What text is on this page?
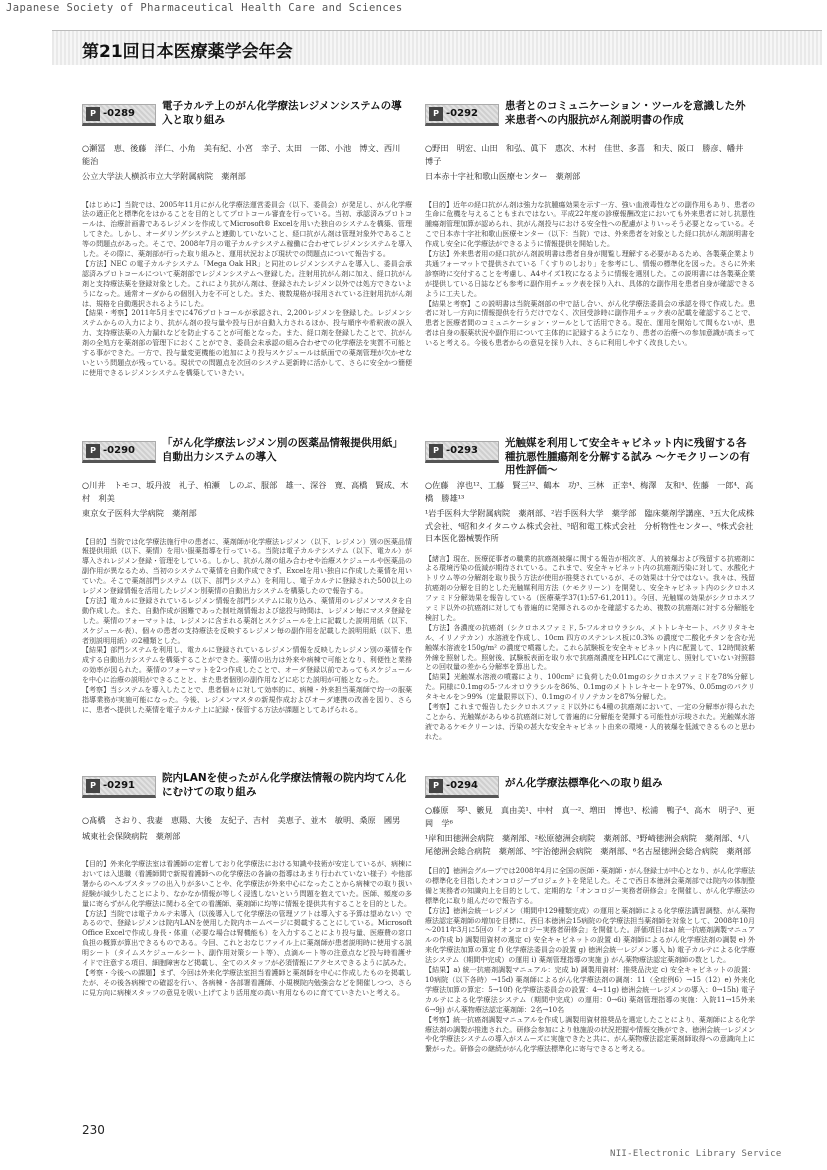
Japanese Society of Pharmaceutical Health Care and Sciences
第21回日本医療薬学会年会
P -0289
電子カルテ上のがん化学療法レジメンシステムの導入と取り組み
○瀬冨　恵、後藤　洋仁、小角　美有紀、小宮　幸子、太田　一郎、小池　博文、西川　能治
公立大学法人横浜市立大学附属病院　薬剤部

【はじめに】当院では、2005年11月にがん化学療法運営委員会（以下、委員会）が発足し、がん化学療法の適正化と標準化をはかることを目的としてプロトコール審査を行っている。当初、承認済みプロトコールは、治療計画書であるレジメンを作成してMicrosoft® Excelを用いた独自のシステムを構築、管理してきた。しかし、オーダリングシステムと連動していないこと、経口抗がん剤は管理対象外であること等の問題点があった。そこで、2008年7月の電子カルテシステム稼働に合わせてレジメンシステムを導入した。その際に、薬剤部が行った取り組みと、運用状況および現状での問題点について報告する。

【方法】NEC の電子カルテシステム「Mega Oak HR」と同社のレジメンシステムを導入し、委員会承認済みプロトコールについて薬剤部でレジメンシステムへ登録した。注射用抗がん剤に加え、経口抗がん剤と支持療法薬を登録対象とした。これにより抗がん剤は、登録されたレジメン以外では処方できないようになった。通常オーダからの個別入力を不可とした。また、複数規格が採用されている注射用抗がん剤は、規格を自動選択されるようにした。

【結果・考察】2011年5月までに476プロトコールが承認され、2,200レジメンを登録した。レジメンシステムからの入力により、抗がん剤の投与量や投与日が自動入力されるほか、投与順序や希釈液の誤入力、支持療法薬の入力漏れなどを防止することが可能となった。また、経口剤を登録したことで、抗がん剤の全処方を薬剤部の管理下におくことができ、委員会未承認の組み合わせでの化学療法を実質不可能とする事ができた。一方で、投与量変更機能の追加により投与スケジュールは紙面での薬剤管理が欠かせないという問題点が残っている。現状での問題点を次回のシステム更新時に活かして、さらに安全かつ簡便に使用できるレジメンシステムを構築していきたい。

P -0292
患者とのコミュニケーション・ツールを意識した外来患者への内服抗がん剤説明書の作成
○野田　明宏、山田　和弘、眞下　惠次、木村　佳世、多喜　和夫、阪口　勝彦、幡井　博子
日本赤十字社和歌山医療センター　薬剤部

【目的】近年の経口抗がん剤は強力な抗腫瘍効果を示す一方、強い血液毒性などの副作用もあり、患者の生命に危機を与えることもまれではない。平成22年度の診療報酬改定においても外来患者に対し抗悪性腫瘍剤管理加算が認められ、抗がん剤投与における安全性への配慮がよりいっそう必要となっている。そこで日本赤十字社和歌山医療センター（以下：当院）では、外来患者を対象とした経口抗がん剤説明書を作成し安全に化学療法ができるように情報提供を開始した。

【方法】外来患者用の経口抗がん剤説明書は患者自身が閲覧し理解する必要があるため、各製薬企業より共通フォーマットで提供されている「くすりのしおり」を参考にし、情報の標準化を図った。さらに外来診察時に交付することを考慮し、A4サイズ1枚になるように情報を選別した。この説明書には各製薬企業が提供している日誌なども参考に副作用チェック表を採り入れ、具体的な副作用を患者自身が確認できるように工夫した。

【結果と考察】この説明書は当院薬剤部の中で話し合い、がん化学療法委員会の承認を得て作成した。患者に対し一方向に情報提供を行うだけでなく、次回受診時に副作用チェック表の記載を確認することで、患者と医療者間のコミュニケーション・ツールとして活用できる。現在、運用を開始して間もないが、患者は自身の服薬状況や副作用について主体的に記録するようになり、患者の治療への参加意識が高まっていると考える。今後も患者からの意見を採り入れ、さらに利用しやすく改良したい。

P -0290
「がん化学療法レジメン別の医薬品情報提供用紙」自動出力システムの導入
○川井　トモコ、坂丹波　礼子、柏瀬　しのぶ、服部　雄一、深谷　寛、高橋　賢成、木村　利美
東京女子医科大学病院　薬剤部

【目的】当院では化学療法施行中の患者に、薬剤師が化学療法レジメン（以下、レジメン）別の医薬品情報提供用紙（以下、薬情）を用い服薬指導を行っている。当院は電子カルテシステム（以下、電カル）が導入されレジメン登録・管理をしている。しかし、抗がん剤の組み合わせや治療スケジュールや医薬品の副作用が異なるため、当初のシステムで薬情を自動作成できず、Excelを用い独自に作成した薬情を用いていた。そこで薬剤部門システム（以下、部門システム）を利用し、電子カルテに登録された500以上のレジメン登録情報を活用したレジメン別薬情の自動出力システムを構築したので報告する。

【方法】電カルに登録されているレジメン情報を部門システムに取り込み、薬情用のレジメンマスタを自動作成した。また、自動作成が困難であった制吐剤情報および総投与時間は、レジメン毎にマスタ登録をした。薬情のフォーマットは、レジメンに含まれる薬剤とスケジュールを上に記載した説明用紙（以下、スケジュール表）、個々の患者の支持療法を反映するレジメン毎の副作用を記載した説明用紙（以下、患者別説明用紙）の2種類とした。

【結果】部門システムを利用し、電カルに登録されているレジメン情報を反映したレジメン別の薬情を作成する自動出力システムを構築することができた。薬情の出力は外来や病棟で可能となり、利便性と業務の効率が図られた。薬情のフォーマットを2つ作成したことで、オーダ登録以前であってもスケジュールを中心に治療の説明ができることと、また患者個別の副作用などに応じた説明が可能となった。

【考察】当システムを導入したことで、患者個々に対して効率的に、病棟・外来担当薬剤師で均一の服薬指導業務が実施可能になった。今後、レジメンマスタの新規作成およびオーダ連携の改善を図り、さらに、患者へ提供した薬情を電子カルテ上に記録・保管する方法が課題としてあげられる。

P -0293
光触媒を利用して安全キャビネット内に残留する各種抗悪性腫瘍剤を分解する試み ～ケモクリーンの有用性評価～
○佐藤　淳也¹²、工藤　賢三¹²、鶴本　功³、三林　正幸⁴、梅澤　友和⁴、佐藤　一郎⁴、高橋　勝雄¹³
¹岩手医科大学附属病院　薬剤部、²岩手医科大学　薬学部　臨床薬剤学講座、³五大化成株式会社、⁴昭和タイタニウム株式会社、⁵昭和電工株式会社　分析物性センター、⁶株式会社日本医化器械製作所

【緒言】現在、医療従事者の職業的抗癌剤被爆に関する報告が相次ぎ、人的被爆および残留する抗癌剤による環境汚染の低減が期待されている。これまで、安全キャビネット内の抗癌剤汚染に対して、水酸化ナトリウム等の分解剤を取り扱う方法が使用が推奨されているが、その効果は十分ではない。我々は、残留抗癌剤の分解を目的とした光触媒利用方法（ケモクリーン）を開発し、安全キャビネット内のシクロホスファミド分解効果を報告している（医療薬学37(1):57-61,2011）。今回、光触媒の効果がシクロホスファミド以外の抗癌剤に対しても普遍的に発揮されるのかを確認するため、複数の抗癌剤に対する分解能を検討した。

【方法】各濃度の抗癌剤（シクロホスファミド, 5-フルオロウラシル、メトトレキセート、パクリタキセル、イリノテカン）水溶液を作成し、10cm 四方のステンレス板に0.3% の濃度で二酸化チタンを含む光触媒水溶液を150g/m² の濃度で噴霧した。これら試験板を安全キャビネット内に配置して、12時間波紫外線を照射した。照射後、試験板表面を取り水で抗癌剤濃度をHPLCにて測定し、照射していない対照群との回収量の差から分解率を算出した。

【結果】光触媒水溶液の噴霧により、100cm² に負荷した0.01mgのシクロホスファミドを78%分解した。同様に0.1mgの5-フルオロウラシルを86%、0.1mgのメトトレキセートを97%、0.05mgのパクリタキセルを＞99%（定量限界以下）、0.1mgのイリノテカンを87%分解した。

【考察】これまで報告したシクロホスファミド以外にも4種の抗癌剤において、一定の分解率が得られたことから、光触媒があらゆる抗癌剤に対して普遍的に分解能を発揮する可能性が示唆された。光触媒水溶液であるケモクリーンは、汚染の甚大な安全キャビネット由来の環境・人的被爆を低減できるものと思われた。

P -0291
院内LANを使ったがん化学療法情報の院内均てん化にむけての取り組み
○髙橋　さおり、我妻　恵陽、大後　友紀子、吉村　美恵子、並木　敏明、桑原　國男
城東社会保険病院　薬剤部

【目的】外来化学療法室は看護師の定着しており化学療法における知識や技術が安定しているが、病棟においては入退職（看護師間で新規看護師への化学療法の各論の指導はあまり行われていない様子）や他部署からのヘルプスタッフの出入りが多いことや、化学療法が外来中心になったことから病棟での取り扱い経験が減少したことにより、なかなか情報が等しく浸透しないという問題を抱えていた。医師、頻度の多量に寄らずがん化学療法に関わる全ての看護師、薬剤師に均等に情報を提供共有することを目的とした。

【方法】当院では電子カルテ未導入（以後導入して化学療法の管理ソフトは導入する予算は望めない）であるので、登録レジメンは院内LANを使用した院内ホームページに掲載することにしている。Microsoft Office Excelで作成し身長・体重（必要な場合は腎機能も）を入力することにより投与量、医療費の窓口負担の概算が算出できるものである。今回、これとおなじファイル上に薬剤師が患者説明時に使用する説明シート（タイムスケジュールシート、副作用対策シート等）、点滴ルート等の注意点など投与時看護サイドで注意する項目、細胞障害など掲載し、全てのスタッフが必須情報にアクセスできるように試みた。

【考察・今後への課題】まず、今回は外来化学療法室担当看護師と薬剤師を中心に作成したものを掲載したが、その後各病棟での確認を行い、各病棟・各部署看護師、小規模院内勉強会などを開催しつつ、さらに見方向に病棟スタッフの意見を吸い上げてより活用度の高い有用なものに育てていきたいと考える。

P -0294	がん化学療法標準化への取り組み
○藤原　琴¹、籔見　真由美¹、中村　真一²、増田　博也³、松浦　鴨子⁴、高木　明子⁵、更岡　学⁶
¹岸和田徳洲会病院　薬剤部、²松原徳洲会病院　薬剤部、³野崎徳洲会病院　薬剤部、⁴八尾徳洲会総合病院　薬剤部、⁵宇治徳洲会病院　薬剤部、⁶名古屋徳洲会総合病院　薬剤部

【目的】徳洲会グループでは2008年4月に全国の医師・薬剤師・がん登録士が中心となり、がん化学療法の標準化を目指したオンコロジープロジェクトを発足した。そこで西日本徳洲会薬剤部では院内の体制整備と実務者の知識向上を目的として、定期的な「オンコロジー実務者研修会」を開催し、がん化学療法の標準化に取り組んだので報告する。

【方法】徳洲会統一レジメン（期間中129種類完成）の運用と薬剤師による化学療法講習調整、がん薬物療法認定薬剤師の増加を目標に、西日本徳洲会15病院の化学療法担当薬剤師を対象として、2008年10月～2011年3月に5回の「オンコロジー実務者研修会」を開催した。評価項目はa) 統一抗癌剤調製マニュアルの作成 b) 調製用資材の選定 c) 安全キャビネットの設置 d) 薬剤師によるがん化学療法剤の調製 e) 外来化学療法加算の算定 f) 化学療法委員会の設置 g) 徳洲会統一レジメン導入 h) 電子カルテによる化学療法システム（期間中完成）の運用 i) 薬剤管理指導の実施 j) がん薬物療法認定薬剤師の数とした。

【結果】a) 統一抗癌剤調製マニュアル：完成 b) 調製用資材：推奨品決定 c) 安全キャビネットの設置：10病院（以下各時）→15d) 薬剤師によるがん化学療法剤の調剤：11（全症例6）→15（12）e) 外来化学療法加算の算定：5→10f) 化学療法委員会の設置：4→11g) 徳洲会統一レジメンの導入：0→15h) 電子カルテによる化学療法システム（期間中完成）の運用：0→6i) 薬剤管理指導の実施：入院11→15外来6→9j) がん薬物療法認定薬剤師：2名→10名

【考察】統一抗癌剤調製マニュアルを作成し調製用資材推奨品を選定したことにより、薬剤師による化学療法剤の調製が推進された。研修会参加により他施設の状況把握や情報交換ができ、徳洲会統一レジメンや化学療法システムの導入がスムーズに実施できたと共に、がん薬物療法認定薬剤師取得への意識向上に繋がった。研修会の継続ががん化学療法標準化に寄与できると考える。

230
NII-Electronic Library Service
